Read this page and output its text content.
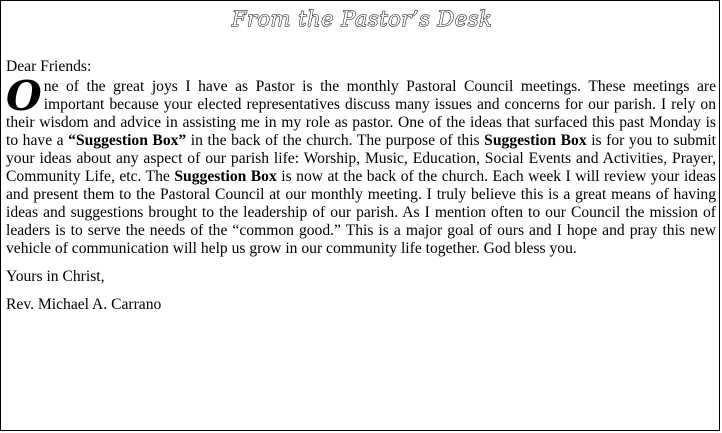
From the Pastor’s Desk

Dear Friends:

One of the great joys I have as Pastor is the monthly Pastoral Council meetings. These meetings are important because your elected representatives discuss many issues and concerns for our parish. I rely on their wisdom and advice in assisting me in my role as pastor. One of the ideas that surfaced this past Monday is to have a “Suggestion Box” in the back of the church. The purpose of this Suggestion Box is for you to submit your ideas about any aspect of our parish life: Worship, Music, Education, Social Events and Activities, Prayer, Community Life, etc. The Suggestion Box is now at the back of the church. Each week I will review your ideas and present them to the Pastoral Council at our monthly meeting. I truly believe this is a great means of having ideas and suggestions brought to the leadership of our parish. As I mention often to our Council the mission of leaders is to serve the needs of the “common good.” This is a major goal of ours and I hope and pray this new vehicle of communication will help us grow in our community life together. God bless you.

Yours in Christ,

Rev. Michael A. Carrano
